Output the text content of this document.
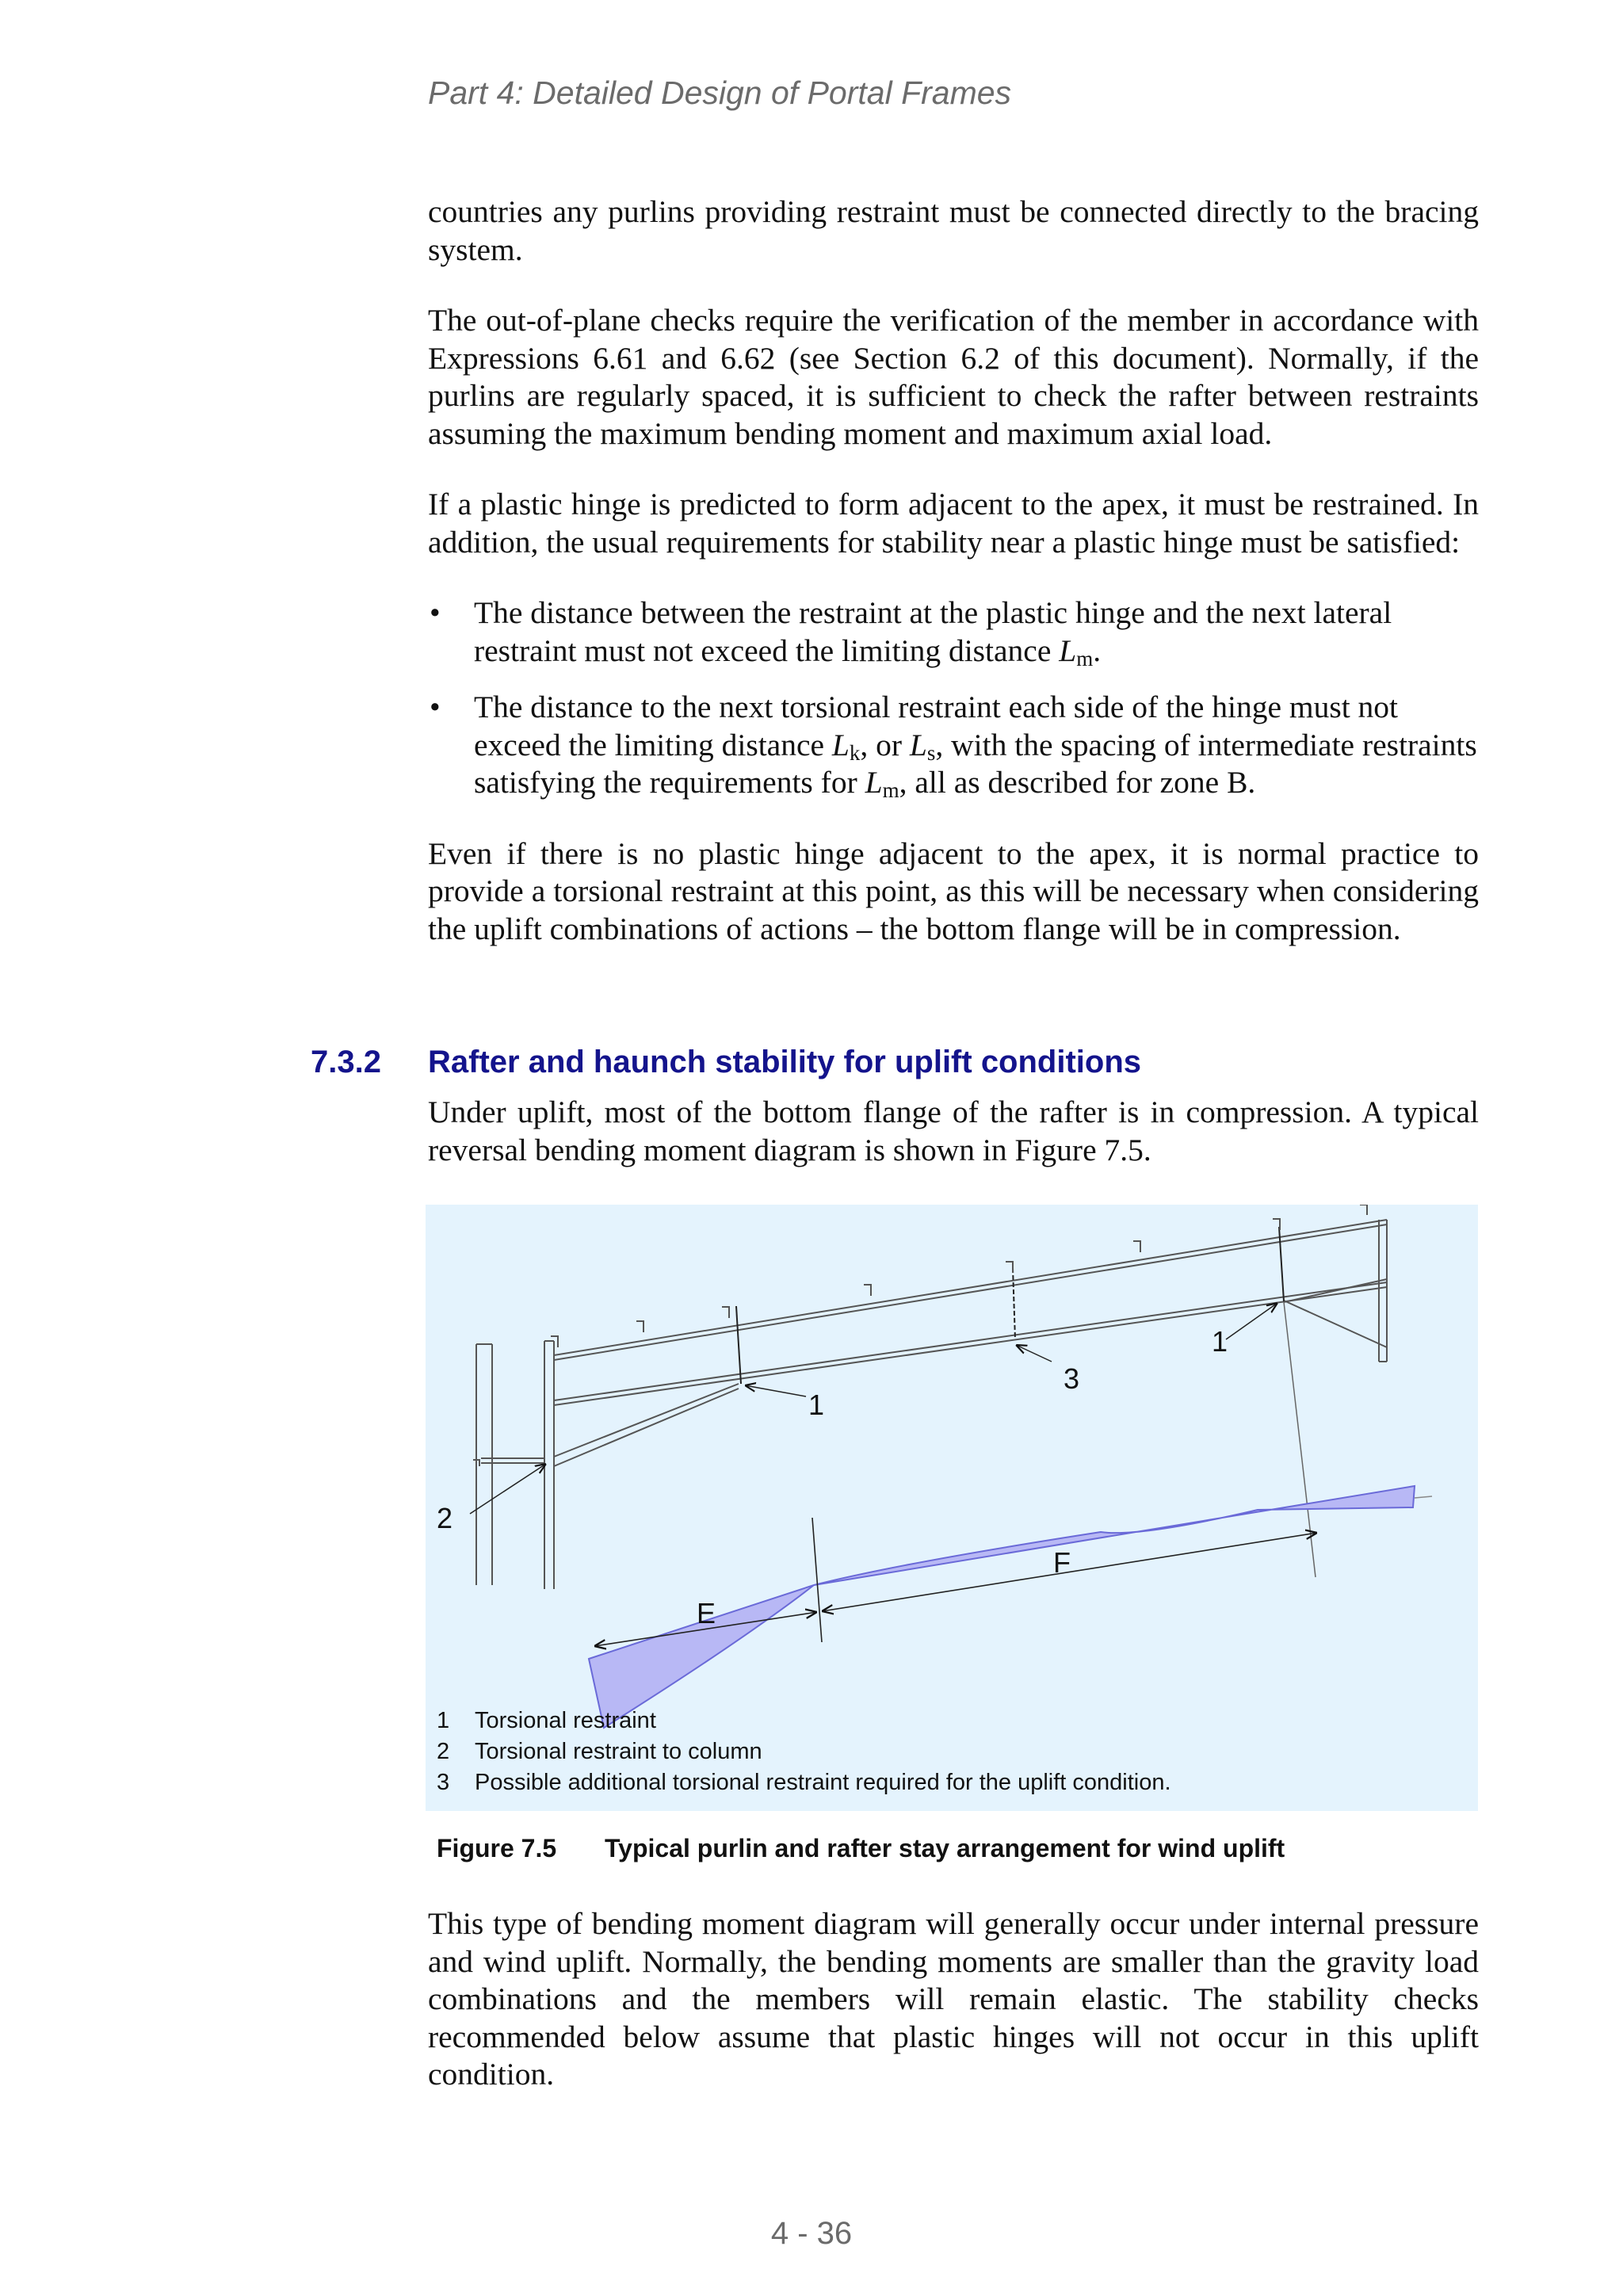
Part 4: Detailed Design of Portal Frames

countries any purlins providing restraint must be connected directly to the bracing system.

The out-of-plane checks require the verification of the member in accordance with Expressions 6.61 and 6.62 (see Section 6.2 of this document). Normally, if the purlins are regularly spaced, it is sufficient to check the rafter between restraints assuming the maximum bending moment and maximum axial load.

If a plastic hinge is predicted to form adjacent to the apex, it must be restrained. In addition, the usual requirements for stability near a plastic hinge must be satisfied:

• The distance between the restraint at the plastic hinge and the next lateral restraint must not exceed the limiting distance $L_m$.
• The distance to the next torsional restraint each side of the hinge must not exceed the limiting distance $L_k$, or $L_s$, with the spacing of intermediate restraints satisfying the requirements for $L_m$, all as described for zone B.

Even if there is no plastic hinge adjacent to the apex, it is normal practice to provide a torsional restraint at this point, as this will be necessary when considering the uplift combinations of actions – the bottom flange will be in compression.

7.3.2 Rafter and haunch stability for uplift conditions

Under uplift, most of the bottom flange of the rafter is in compression. A typical reversal bending moment diagram is shown in Figure 7.5.

1
1
3
2
E
F
1 Torsional restraint
2 Torsional restraint to column
3 Possible additional torsional restraint required for the uplift condition.

Figure 7.5 Typical purlin and rafter stay arrangement for wind uplift

This type of bending moment diagram will generally occur under internal pressure and wind uplift. Normally, the bending moments are smaller than the gravity load combinations and the members will remain elastic. The stability checks recommended below assume that plastic hinges will not occur in this uplift condition.

4 - 36
